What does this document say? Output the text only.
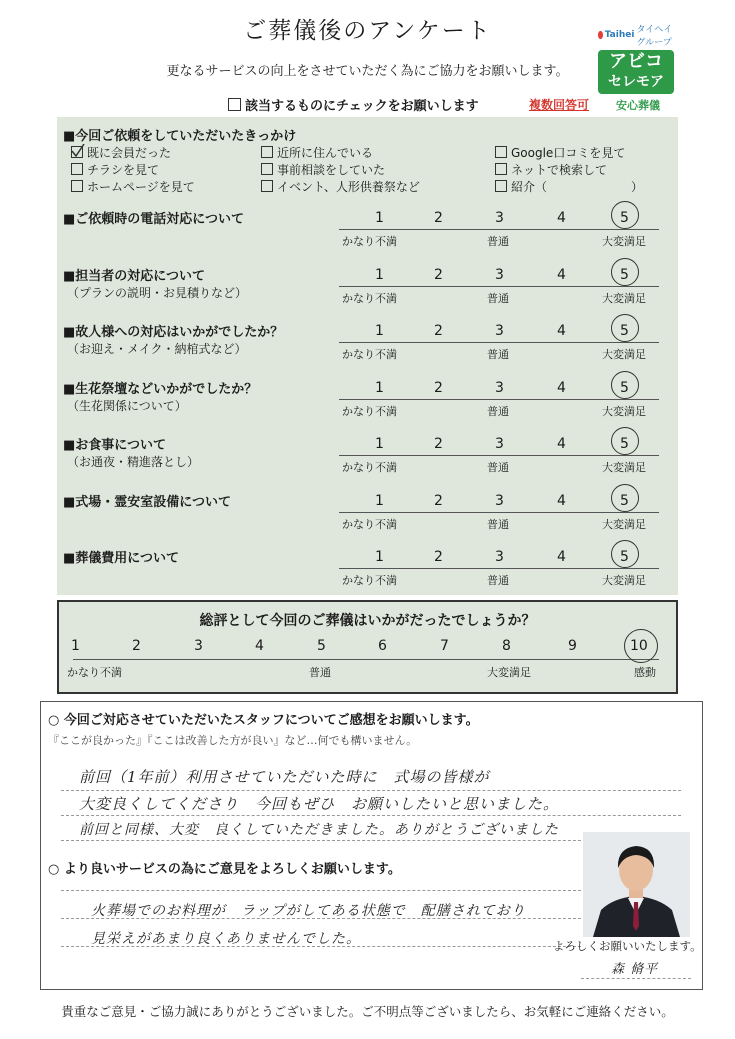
ご葬儀後のアンケート
更なるサービスの向上をさせていただく為にご協力をお願いします。
Taihei タイヘイグループ
アビコ
セレモア
安心葬儀
該当するものにチェックをお願いします	複数回答可
■今回ご依頼をしていただいたきっかけ
既に会員だった
チラシを見て
ホームページを見て
近所に住んでいる
事前相談をしていた
イベント、人形供養祭など
Google口コミを見て
ネットで検索して
紹介（　　　　　　　）
■ご依頼時の電話対応について	1	2	3	4	5
かなり不満	普通	大変満足
■担当者の対応について
（プランの説明・お見積りなど）
1	2	3	4	5
かなり不満	普通	大変満足
■故人様への対応はいかがでしたか？
（お迎え・メイク・納棺式など）
1	2	3	4	5
かなり不満	普通	大変満足
■生花祭壇などいかがでしたか？
（生花関係について）
1	2	3	4	5
かなり不満	普通	大変満足
■お食事について
（お通夜・精進落とし）
1	2	3	4	5
かなり不満	普通	大変満足
■式場・霊安室設備について	1	2	3	4	5
かなり不満	普通	大変満足
■葬儀費用について	1	2	3	4	5
かなり不満	普通	大変満足
総評として今回のご葬儀はいかがだったでしょうか？
1	2	3	4	5	6	7	8	9	10
かなり不満	普通	大変満足	感動
○ 今回ご対応させていただいたスタッフについてご感想をお願いします。
『ここが良かった』『ここは改善した方が良い』など…何でも構いません。
前回（1年前）利用させていただいた時に　式場の皆様が
大変良くしてくださり　今回もぜひ　お願いしたいと思いました。
前回と同様、大変　良くしていただきました。ありがとうございました
○ より良いサービスの為にご意見をよろしくお願いします。
火葬場でのお料理が　ラップがしてある状態で　配膳されており
見栄えがあまり良くありませんでした。	よろしくお願いいたします。
森 脩平
貴重なご意見・ご協力誠にありがとうございました。ご不明点等ございましたら、お気軽にご連絡ください。
